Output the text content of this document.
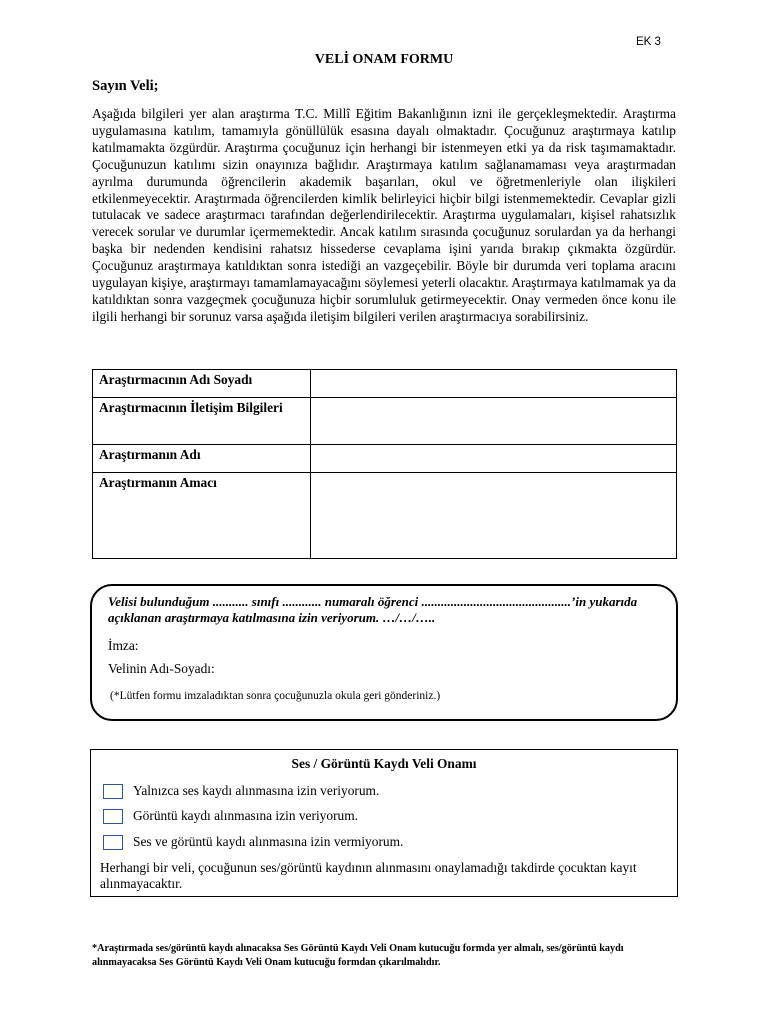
EK 3
VELİ ONAM FORMU
Sayın Veli;

Aşağıda bilgileri yer alan araştırma T.C. Millî Eğitim Bakanlığının izni ile gerçekleşmektedir. Araştırma uygulamasına katılım, tamamıyla gönüllülük esasına dayalı olmaktadır. Çocuğunuz araştırmaya katılıp katılmamakta özgürdür. Araştırma çocuğunuz için herhangi bir istenmeyen etki ya da risk taşımamaktadır. Çocuğunuzun katılımı sizin onayınıza bağlıdır. Araştırmaya katılım sağlanamaması veya araştırmadan ayrılma durumunda öğrencilerin akademik başarıları, okul ve öğretmenleriyle olan ilişkileri etkilenmeyecektir. Araştırmada öğrencilerden kimlik belirleyici hiçbir bilgi istenmemektedir. Cevaplar gizli tutulacak ve sadece araştırmacı tarafından değerlendirilecektir. Araştırma uygulamaları, kişisel rahatsızlık verecek sorular ve durumlar içermemektedir. Ancak katılım sırasında çocuğunuz sorulardan ya da herhangi başka bir nedenden kendisini rahatsız hissederse cevaplama işini yarıda bırakıp çıkmakta özgürdür. Çocuğunuz araştırmaya katıldıktan sonra istediği an vazgeçebilir. Böyle bir durumda veri toplama aracını uygulayan kişiye, araştırmayı tamamlamayacağını söylemesi yeterli olacaktır. Araştırmaya katılmamak ya da katıldıktan sonra vazgeçmek çocuğunuza hiçbir sorumluluk getirmeyecektir. Onay vermeden önce konu ile ilgili herhangi bir sorunuz varsa aşağıda iletişim bilgileri verilen araştırmacıya sorabilirsiniz.

Araştırmacının Adı Soyadı	
Araştırmacının İletişim Bilgileri	
Araştırmanın Adı	
Araştırmanın Amacı	
Velisi bulunduğum ........... sınıfı ............ numaralı öğrenci ..............................................’in yukarıda açıklanan araştırmaya katılmasına izin veriyorum. …/…/…..
İmza:
Velinin Adı-Soyadı:
(*Lütfen formu imzaladıktan sonra çocuğunuzla okula geri gönderiniz.)
Ses / Görüntü Kaydı Veli Onamı
Yalnızca ses kaydı alınmasına izin veriyorum.
Görüntü kaydı alınmasına izin veriyorum.
Ses ve görüntü kaydı alınmasına izin vermiyorum.
Herhangi bir veli, çocuğunun ses/görüntü kaydının alınmasını onaylamadığı takdirde çocuktan kayıt alınmayacaktır.
*Araştırmada ses/görüntü kaydı alınacaksa Ses Görüntü Kaydı Veli Onam kutucuğu formda yer almalı, ses/görüntü kaydı alınmayacaksa Ses Görüntü Kaydı Veli Onam kutucuğu formdan çıkarılmalıdır.
